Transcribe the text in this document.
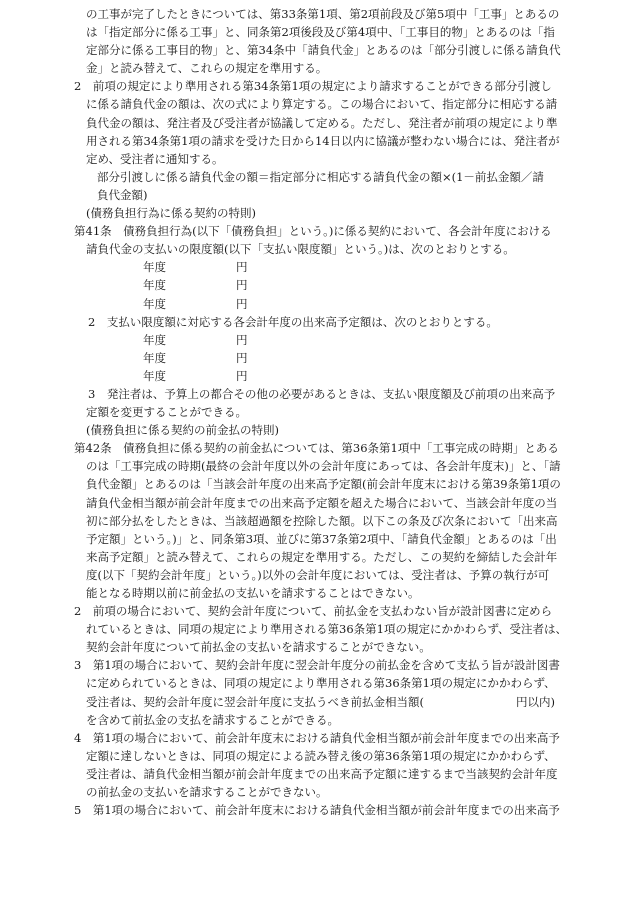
の工事が完了したときについては、第33条第1項、第2項前段及び第5項中「工事」とあるの
は「指定部分に係る工事」と、同条第2項後段及び第4項中、「工事目的物」とあるのは「指
定部分に係る工事目的物」と、第34条中「請負代金」とあるのは「部分引渡しに係る請負代
金」と読み替えて、これらの規定を準用する。
2　前項の規定により準用される第34条第1項の規定により請求することができる部分引渡し
に係る請負代金の額は、次の式により算定する。この場合において、指定部分に相応する請
負代金の額は、発注者及び受注者が協議して定める。ただし、発注者が前項の規定により準
用される第34条第1項の請求を受けた日から14日以内に協議が整わない場合には、発注者が
定め、受注者に通知する。
部分引渡しに係る請負代金の額＝指定部分に相応する請負代金の額×(1－前払金額／請
負代金額)
(債務負担行為に係る契約の特則)
第41条　債務負担行為(以下「債務負担」という。)に係る契約において、各会計年度における
請負代金の支払いの限度額(以下「支払い限度額」という。)は、次のとおりとする。
年度	円
年度	円
年度	円
2　支払い限度額に対応する各会計年度の出来高予定額は、次のとおりとする。
年度	円
年度	円
年度	円
3　発注者は、予算上の都合その他の必要があるときは、支払い限度額及び前項の出来高予
定額を変更することができる。
(債務負担に係る契約の前金払の特則)
第42条　債務負担に係る契約の前金払については、第36条第1項中「工事完成の時期」とある
のは「工事完成の時期(最終の会計年度以外の会計年度にあっては、各会計年度末)」と、「請
負代金額」とあるのは「当該会計年度の出来高予定額(前会計年度末における第39条第1項の
請負代金相当額が前会計年度までの出来高予定額を超えた場合において、当該会計年度の当
初に部分払をしたときは、当該超過額を控除した額。以下この条及び次条において「出来高
予定額」という。)」と、同条第3項、並びに第37条第2項中、「請負代金額」とあるのは「出
来高予定額」と読み替えて、これらの規定を準用する。ただし、この契約を締結した会計年
度(以下「契約会計年度」という。)以外の会計年度においては、受注者は、予算の執行が可
能となる時期以前に前金払の支払いを請求することはできない。
2　前項の場合において、契約会計年度について、前払金を支払わない旨が設計図書に定めら
れているときは、同項の規定により準用される第36条第1項の規定にかかわらず、受注者は、
契約会計年度について前払金の支払いを請求することができない。
3　第1項の場合において、契約会計年度に翌会計年度分の前払金を含めて支払う旨が設計図書
に定められているときは、同項の規定により準用される第36条第1項の規定にかかわらず、
受注者は、契約会計年度に翌会計年度に支払うべき前払金相当額(	円以内)
を含めて前払金の支払を請求することができる。
4　第1項の場合において、前会計年度末における請負代金相当額が前会計年度までの出来高予
定額に達しないときは、同項の規定による読み替え後の第36条第1項の規定にかかわらず、
受注者は、請負代金相当額が前会計年度までの出来高予定額に達するまで当該契約会計年度
の前払金の支払いを請求することができない。
5　第1項の場合において、前会計年度末における請負代金相当額が前会計年度までの出来高予
